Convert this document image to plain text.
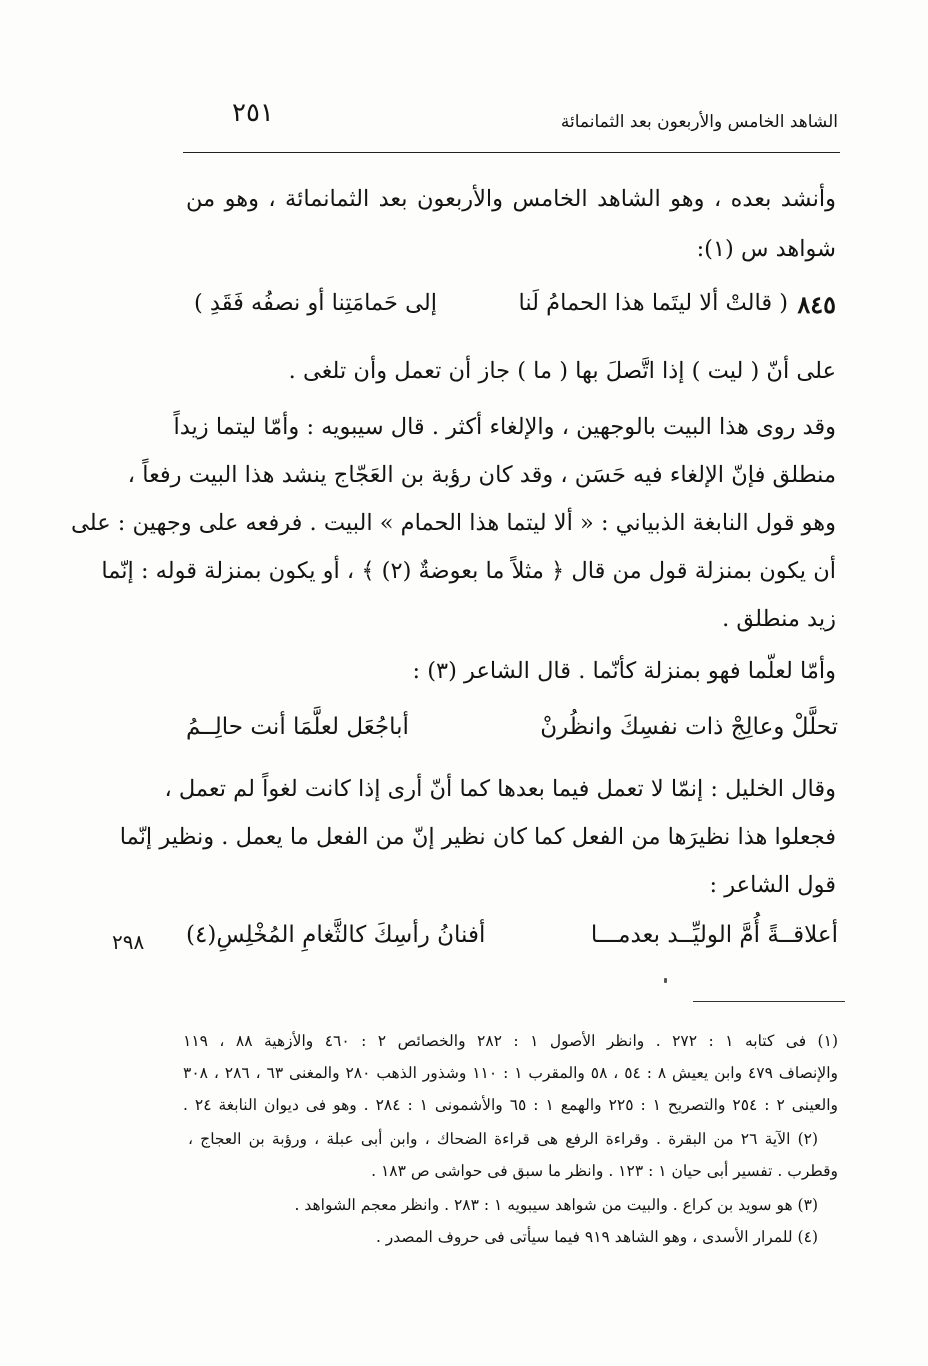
الشاهد الخامس والأربعون بعد الثمانمائة
٢٥١
وأنشد بعده ، وهو الشاهد الخامس والأربعون بعد الثمانمائة ، وهو من
شواهد س (١):
٨٤٥
( قالتْ ألا ليتَما هذا الحمامُ لَنا
إلى حَمامَتِنا أو نصفُه فَقَدِ )
على أنّ ( ليت ) إذا اتَّصلَ بها ( ما ) جاز أن تعمل وأن تلغى .
وقد روى هذا البيت بالوجهين ، والإلغاء أكثر . قال سيبويه : وأمّا ليتما زيداً
منطلق فإنّ الإلغاء فيه حَسَن ، وقد كان رؤبة بن العَجّاج ينشد هذا البيت رفعاً ،
وهو قول النابغة الذبياني : « ألا ليتما هذا الحمام » البيت . فرفعه على وجهين : على
أن يكون بمنزلة قول من قال ﴿ مثلاً ما بعوضةٌ (٢) ﴾ ، أو يكون بمنزلة قوله : إنّما
زيد منطلق .
وأمّا لعلّما فهو بمنزلة كأنّما . قال الشاعر (٣) :
تحلَّلْ وعالِجْ ذات نفسِكَ وانظُرنْ
أباجُعَل لعلَّمَا أنت حالِــمُ
وقال الخليل : إنمّا لا تعمل فيما بعدها كما أنّ أرى إذا كانت لغواً لم تعمل ،
فجعلوا هذا نظيرَها من الفعل كما كان نظير إنّ من الفعل ما يعمل . ونظير إنّما
قول الشاعر :
أعلاقــةً أُمَّ الوليِّــد بعدمـــا
أفنانُ رأسِكَ كالثَّغامِ المُخْلِسِ(٤)
٢٩٨
(١) فى كتابه ١ : ٢٧٢ . وانظر الأصول ١ : ٢٨٢ والخصائص ٢ : ٤٦٠ والأزهية ٨٨ ، ١١٩
والإنصاف ٤٧٩ وابن يعيش ٨ : ٥٤ ، ٥٨ والمقرب ١ : ١١٠ وشذور الذهب ٢٨٠ والمغنى ٦٣ ، ٢٨٦ ، ٣٠٨
والعينى ٢ : ٢٥٤ والتصريح ١ : ٢٢٥ والهمع ١ : ٦٥ والأشمونى ١ : ٢٨٤ . وهو فى ديوان النابغة ٢٤ .
(٢) الآية ٢٦ من البقرة . وقراءة الرفع هى قراءة الضحاك ، وابن أبى عبلة ، ورؤبة بن العجاج ،
وقطرب . تفسير أبى حيان ١ : ١٢٣ . وانظر ما سبق فى حواشى ص ١٨٣ .
(٣) هو سويد بن كراع . والبيت من شواهد سيبويه ١ : ٢٨٣ . وانظر معجم الشواهد .
(٤) للمرار الأسدى ، وهو الشاهد ٩١٩ فيما سيأتى فى حروف المصدر .
